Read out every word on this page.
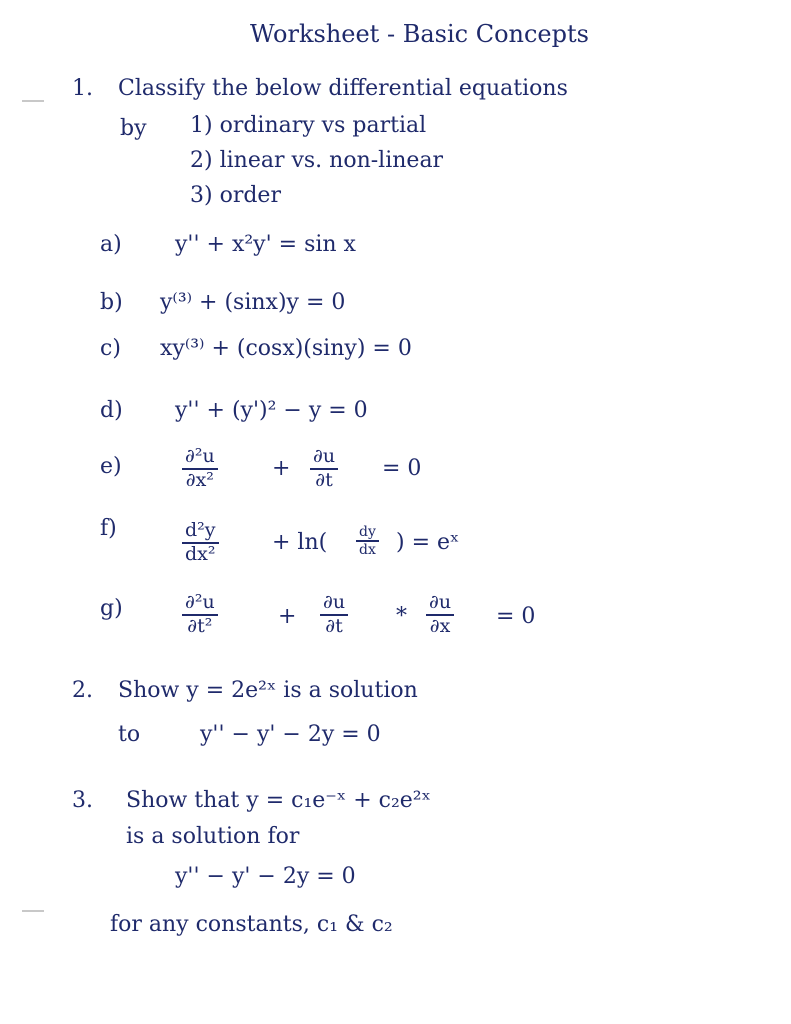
Worksheet - Basic Concepts
1. Classify the below differential equations
by 1) ordinary vs partial
2) linear vs. non-linear
3) order
a) y'' + x²y' = sin x
b) y⁽³⁾ + (sinx)y = 0
c) xy⁽³⁾ + (cosx)(siny) = 0
d) y'' + (y')² − y = 0
e)	∂²u
∂x²	+ ∂u
∂t = 0
f)	d²y
dx²	+ ln( dy
dx ) = eˣ
g)	∂²u
∂t²	+
∂u
∂t *
∂u
∂x = 0
2. Show y = 2e²ˣ is a solution
to	y'' − y' − 2y = 0
3. Show that y = c₁e⁻ˣ + c₂e²ˣ
is a solution for
y'' − y' − 2y = 0
for any constants, c₁ & c₂
